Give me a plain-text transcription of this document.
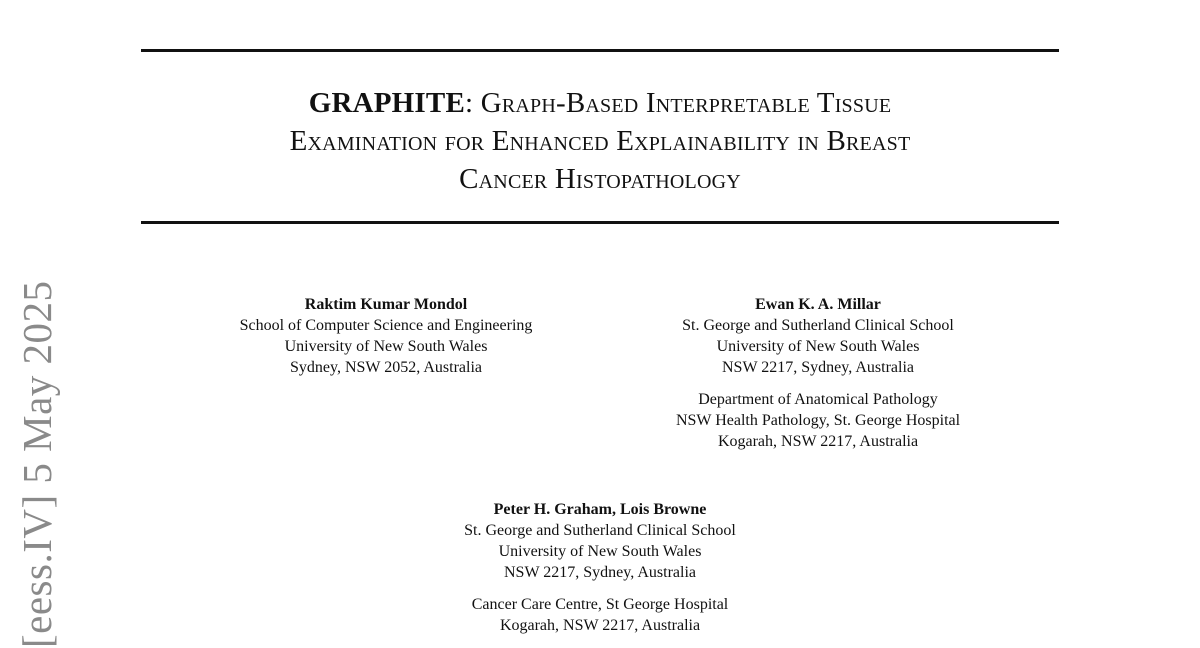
GRAPHITE: Graph-Based Interpretable Tissue
Examination for Enhanced Explainability in Breast
Cancer Histopathology
Raktim Kumar Mondol
School of Computer Science and Engineering
University of New South Wales
Sydney, NSW 2052, Australia
Ewan K. A. Millar
St. George and Sutherland Clinical School
University of New South Wales
NSW 2217, Sydney, Australia
Department of Anatomical Pathology
NSW Health Pathology, St. George Hospital
Kogarah, NSW 2217, Australia
Peter H. Graham, Lois Browne
St. George and Sutherland Clinical School
University of New South Wales
NSW 2217, Sydney, Australia
Cancer Care Centre, St George Hospital
Kogarah, NSW 2217, Australia
[eess.IV] 5 May 2025
